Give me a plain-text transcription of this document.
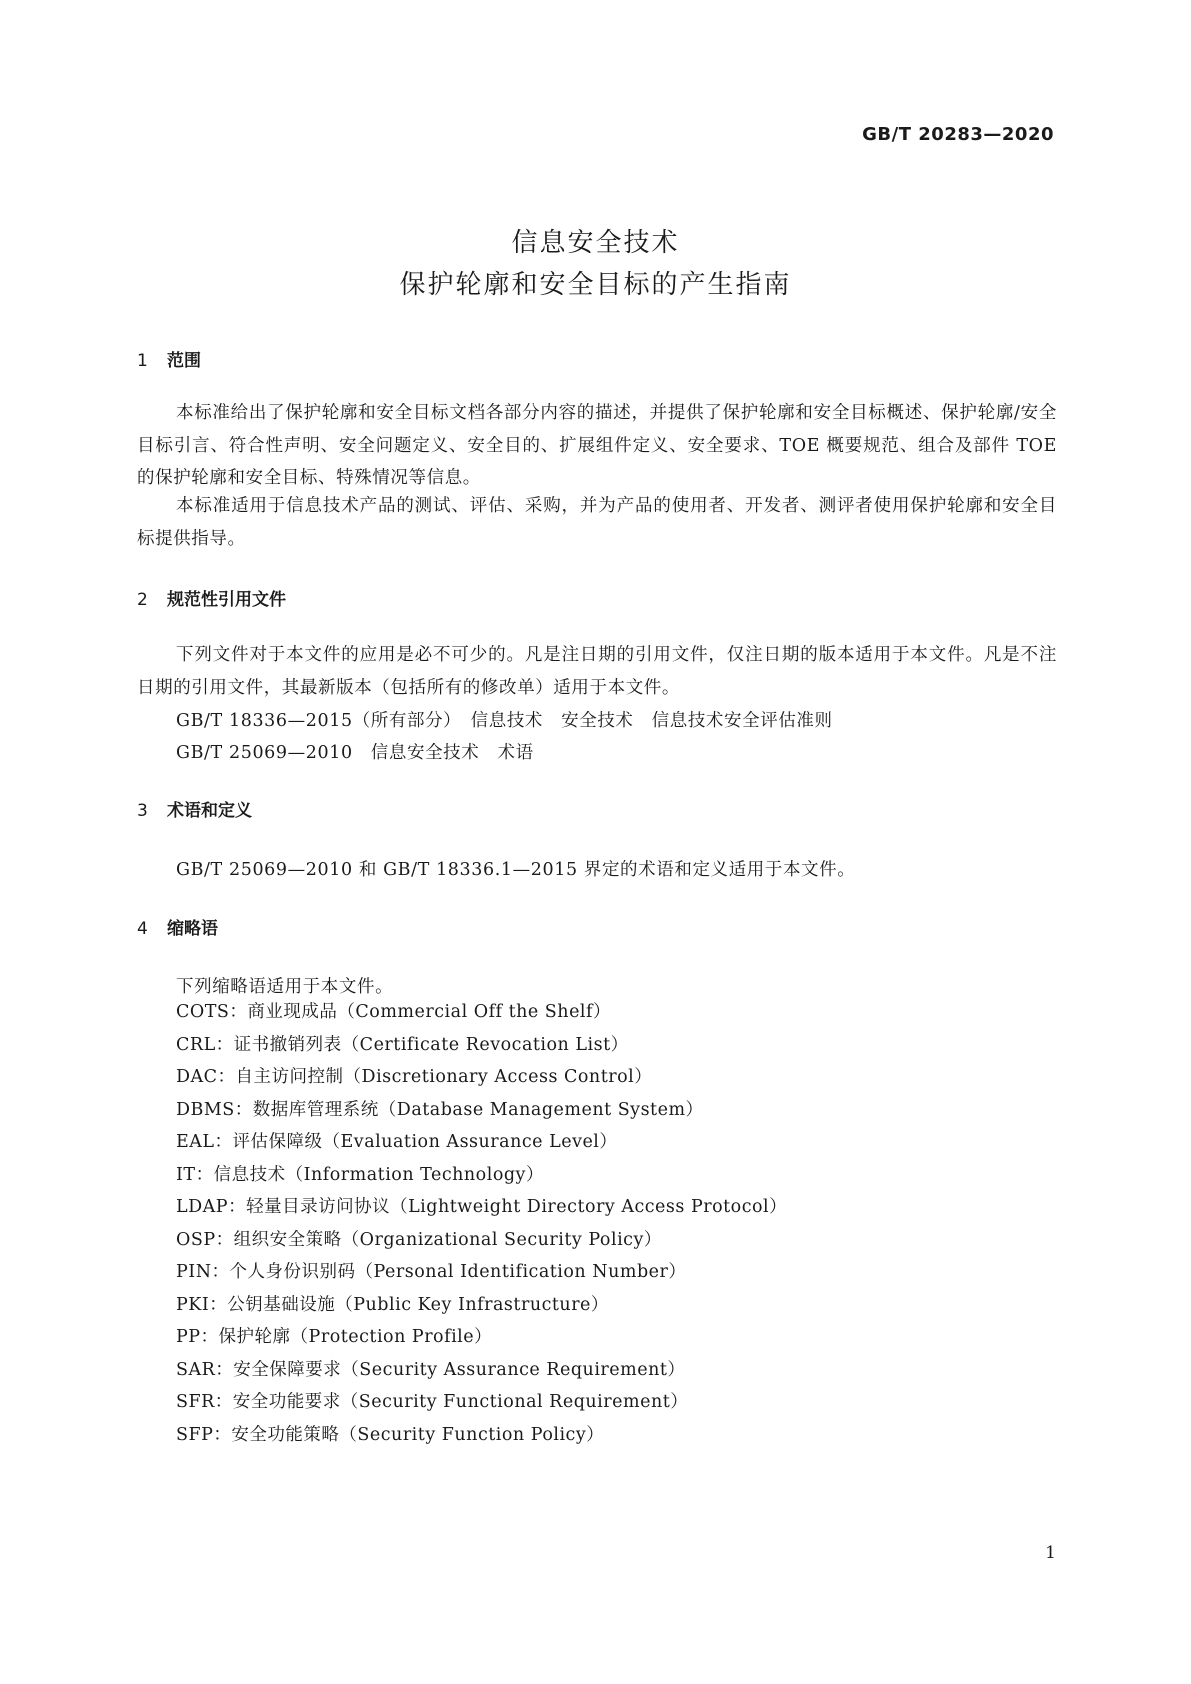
GB/T 20283—2020
信息安全技术
保护轮廓和安全目标的产生指南
1 范围
本标准给出了保护轮廓和安全目标文档各部分内容的描述，并提供了保护轮廓和安全目标概述、保护轮廓/安全目标引言、符合性声明、安全问题定义、安全目的、扩展组件定义、安全要求、TOE 概要规范、组合及部件 TOE 的保护轮廓和安全目标、特殊情况等信息。
本标准适用于信息技术产品的测试、评估、采购，并为产品的使用者、开发者、测评者使用保护轮廓和安全目标提供指导。
2 规范性引用文件
下列文件对于本文件的应用是必不可少的。凡是注日期的引用文件，仅注日期的版本适用于本文件。凡是不注日期的引用文件，其最新版本（包括所有的修改单）适用于本文件。
GB/T 18336—2015（所有部分）　信息技术　安全技术　信息技术安全评估准则
GB/T 25069—2010　信息安全技术　术语
3 术语和定义
GB/T 25069—2010 和 GB/T 18336.1—2015 界定的术语和定义适用于本文件。
4 缩略语
下列缩略语适用于本文件。
COTS：商业现成品（Commercial Off the Shelf）
CRL：证书撤销列表（Certificate Revocation List）
DAC：自主访问控制（Discretionary Access Control）
DBMS：数据库管理系统（Database Management System）
EAL：评估保障级（Evaluation Assurance Level）
IT：信息技术（Information Technology）
LDAP：轻量目录访问协议（Lightweight Directory Access Protocol）
OSP：组织安全策略（Organizational Security Policy）
PIN：个人身份识别码（Personal Identification Number）
PKI：公钥基础设施（Public Key Infrastructure）
PP：保护轮廓（Protection Profile）
SAR：安全保障要求（Security Assurance Requirement）
SFR：安全功能要求（Security Functional Requirement）
SFP：安全功能策略（Security Function Policy）
1
